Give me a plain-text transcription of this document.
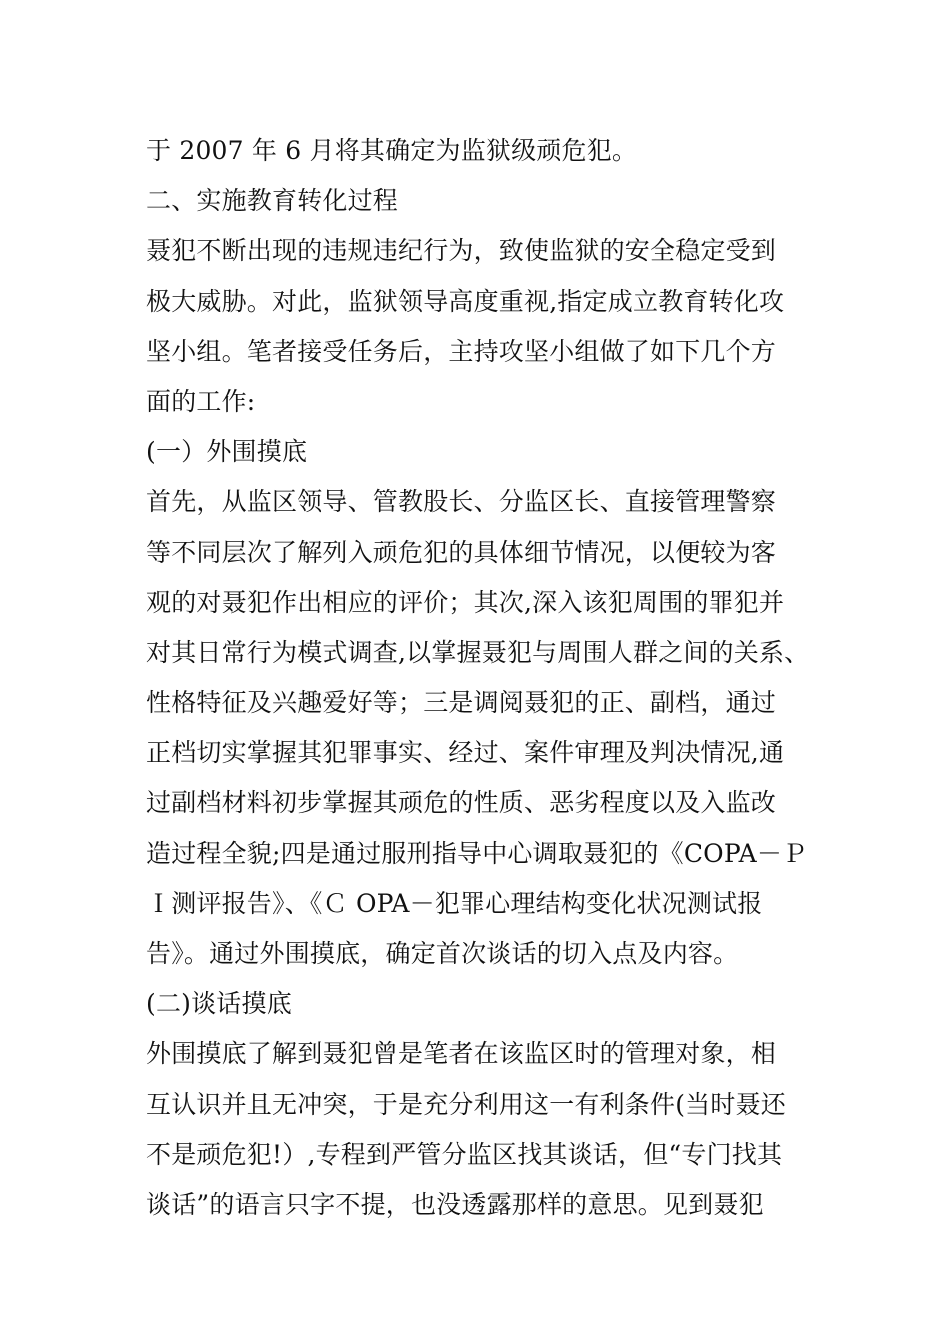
于 2007 年 6 月将其确定为监狱级顽危犯。
二、实施教育转化过程
聂犯不断出现的违规违纪行为，致使监狱的安全稳定受到
极大威胁。对此，监狱领导高度重视,指定成立教育转化攻
坚小组。笔者接受任务后，主持攻坚小组做了如下几个方
面的工作:
(一）外围摸底
首先，从监区领导、管教股长、分监区长、直接管理警察
等不同层次了解列入顽危犯的具体细节情况，以便较为客
观的对聂犯作出相应的评价；其次,深入该犯周围的罪犯并
对其日常行为模式调查,以掌握聂犯与周围人群之间的关系、
性格特征及兴趣爱好等；三是调阅聂犯的正、副档，通过
正档切实掌握其犯罪事实、经过、案件审理及判决情况,通
过副档材料初步掌握其顽危的性质、恶劣程度以及入监改
造过程全貌;四是通过服刑指导中心调取聂犯的《COPA－Ｐ
Ｉ测评报告》、《Ｃ OPA－犯罪心理结构变化状况测试报
告》。通过外围摸底，确定首次谈话的切入点及内容。
(二)谈话摸底
外围摸底了解到聂犯曾是笔者在该监区时的管理对象，相
互认识并且无冲突，于是充分利用这一有利条件(当时聂还
不是顽危犯!）,专程到严管分监区找其谈话，但“专门找其
谈话”的语言只字不提，也没透露那样的意思。见到聂犯
